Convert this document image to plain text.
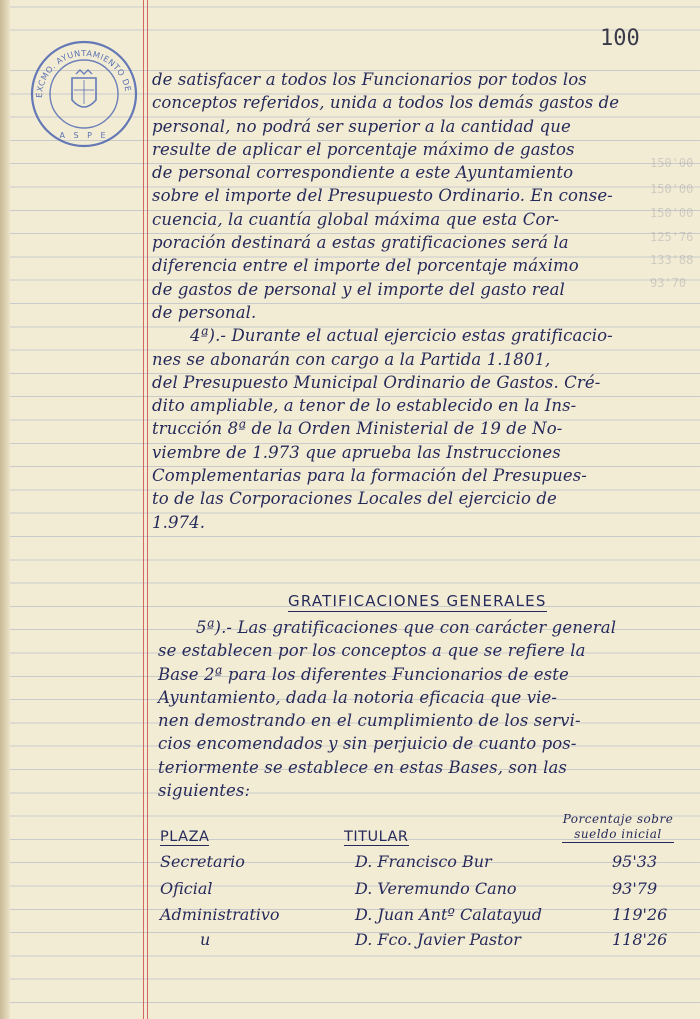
100
EXCMO. AYUNTAMIENTO DE
A S P E
150'00
150'00
150'00
125'76
133'88
93'70
de satisfacer a todos los Funcionarios por todos los
conceptos referidos, unida a todos los demás gastos de
personal, no podrá ser superior a la cantidad que
resulte de aplicar el porcentaje máximo de gastos
de personal correspondiente a este Ayuntamiento
sobre el importe del Presupuesto Ordinario. En conse-
cuencia, la cuantía global máxima que esta Cor-
poración destinará a estas gratificaciones será la
diferencia entre el importe del porcentaje máximo
de gastos de personal y el importe del gasto real
de personal.
4ª).- Durante el actual ejercicio estas gratificacio-
nes se abonarán con cargo a la Partida 1.1801,
del Presupuesto Municipal Ordinario de Gastos. Cré-
dito ampliable, a tenor de lo establecido en la Ins-
trucción 8ª de la Orden Ministerial de 19 de No-
viembre de 1.973 que aprueba las Instrucciones
Complementarias para la formación del Presupues-
to de las Corporaciones Locales del ejercicio de
1.974.
GRATIFICACIONES GENERALES
5ª).- Las gratificaciones que con carácter general
se establecen por los conceptos a que se refiere la
Base 2ª para los diferentes Funcionarios de este
Ayuntamiento, dada la notoria eficacia que vie-
nen demostrando en el cumplimiento de los servi-
cios encomendados y sin perjuicio de cuanto pos-
teriormente se establece en estas Bases, son las
siguientes:
PLAZA	TITULAR
Porcentaje sobre sueldo inicial
Secretario	D. Francisco Bur	95'33
Oficial	D. Veremundo Cano	93'79
Administrativo	D. Juan Antº Calatayud	119'26
u	D. Fco. Javier Pastor	118'26
